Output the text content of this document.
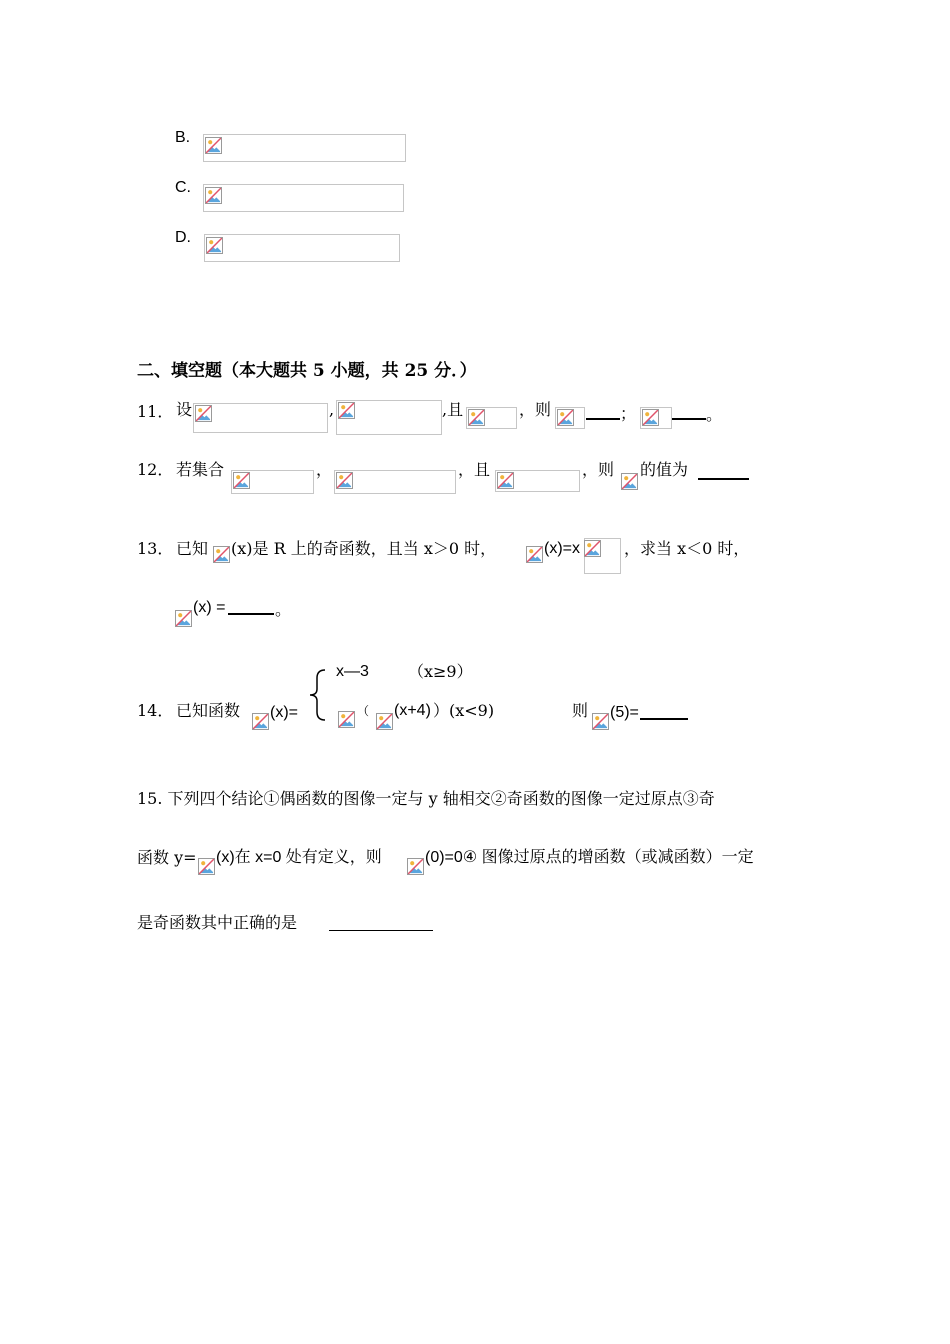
B.
C.
D.
二、填空题（本大题共 5 小题，共 25 分．）
11． 设	,	,且	，则	；	。
12． 若集合	，	，且	，则 的值为
13． 已知 (x)是 R 上的奇函数，且当 x＞0 时，	(x)=x	，求当 x＜0 时，
(x) =	。
14． 已知函数 (x)=
x—3 （x≥9）
（ (x+4) ）(x<9)	则 (5)=
15. 下列四个结论①偶函数的图像一定与 y 轴相交②奇函数的图像一定过原点③奇
函数 y= (x)在 x=0 处有定义，则	(0)=0④ 图像过原点的增函数（或减函数）一定
是奇函数其中正确的是
